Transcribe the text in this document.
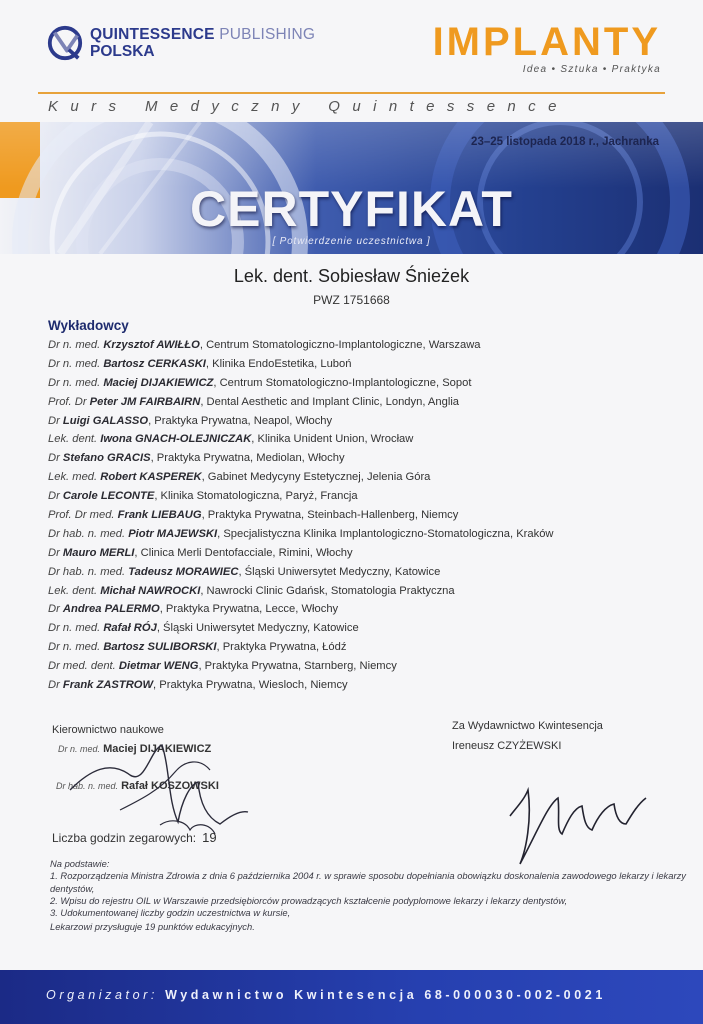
QUINTESSENCE PUBLISHING
POLSKA	IMPLANTY
Idea • Sztuka • Praktyka
Kurs Medyczny Quintessence
23–25 listopada 2018 r., Jachranka
CERTYFIKAT
[ Potwierdzenie uczestnictwa ]
Lek. dent. Sobiesław Śnieżek
PWZ 1751668
Wykładowcy
Dr n. med. Krzysztof AWIŁŁO, Centrum Stomatologiczno-Implantologiczne, Warszawa
Dr n. med. Bartosz CERKASKI, Klinika EndoEstetika, Luboń
Dr n. med. Maciej DIJAKIEWICZ, Centrum Stomatologiczno-Implantologiczne, Sopot
Prof. Dr Peter JM FAIRBAIRN, Dental Aesthetic and Implant Clinic, Londyn, Anglia
Dr Luigi GALASSO, Praktyka Prywatna, Neapol, Włochy
Lek. dent. Iwona GNACH-OLEJNICZAK, Klinika Unident Union, Wrocław
Dr Stefano GRACIS, Praktyka Prywatna, Mediolan, Włochy
Lek. med. Robert KASPEREK, Gabinet Medycyny Estetycznej, Jelenia Góra
Dr Carole LECONTE, Klinika Stomatologiczna, Paryż, Francja
Prof. Dr med. Frank LIEBAUG, Praktyka Prywatna, Steinbach-Hallenberg, Niemcy
Dr hab. n. med. Piotr MAJEWSKI, Specjalistyczna Klinika Implantologiczno-Stomatologiczna, Kraków
Dr Mauro MERLI, Clinica Merli Dentofacciale, Rimini, Włochy
Dr hab. n. med. Tadeusz MORAWIEC, Śląski Uniwersytet Medyczny, Katowice
Lek. dent. Michał NAWROCKI, Nawrocki Clinic Gdańsk, Stomatologia Praktyczna
Dr Andrea PALERMO, Praktyka Prywatna, Lecce, Włochy
Dr n. med. Rafał RÓJ, Śląski Uniwersytet Medyczny, Katowice
Dr n. med. Bartosz SULIBORSKI, Praktyka Prywatna, Łódź
Dr med. dent. Dietmar WENG, Praktyka Prywatna, Starnberg, Niemcy
Dr Frank ZASTROW, Praktyka Prywatna, Wiesloch, Niemcy
Kierownictwo naukowe
Dr n. med. Maciej DIJAKIEWICZ
Dr hab. n. med. Rafał KOSZOWSKI
Za Wydawnictwo Kwintesencja
Ireneusz CZYŻEWSKI
Liczba godzin zegarowych: 19
Na podstawie:
1. Rozporządzenia Ministra Zdrowia z dnia 6 października 2004 r. w sprawie sposobu dopełniania obowiązku doskonalenia zawodowego lekarzy i lekarzy dentystów,
2. Wpisu do rejestru OIL w Warszawie przedsiębiorców prowadzących kształcenie podyplomowe lekarzy i lekarzy dentystów,
3. Udokumentowanej liczby godzin uczestnictwa w kursie,
Lekarzowi przysługuje 19 punktów edukacyjnych.
Organizator: Wydawnictwo Kwintesencja 68-000030-002-0021
